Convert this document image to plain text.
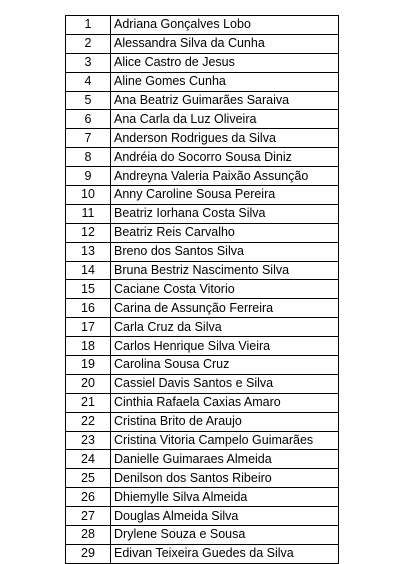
1	Adriana Gonçalves Lobo
2	Alessandra Silva da Cunha
3	Alice Castro de Jesus
4	Aline Gomes Cunha
5	Ana Beatriz Guimarães Saraiva
6	Ana Carla da Luz Oliveira
7	Anderson Rodrigues da Silva
8	Andréia do Socorro Sousa Diniz
9	Andreyna Valeria Paixão Assunção
10	Anny Caroline Sousa Pereira
11	Beatriz Iorhana Costa Silva
12	Beatriz Reis Carvalho
13	Breno dos Santos Silva
14	Bruna Bestriz Nascimento Silva
15	Caciane Costa Vitorio
16	Carina de Assunção Ferreira
17	Carla Cruz da Silva
18	Carlos Henrique Silva Vieira
19	Carolina Sousa Cruz
20	Cassiel Davis Santos e Silva
21	Cinthia Rafaela Caxias Amaro
22	Cristina Brito de Araujo
23	Cristina Vitoria Campelo Guimarães
24	Danielle Guimaraes Almeida
25	Denilson dos Santos Ribeiro
26	Dhiemylle Silva Almeida
27	Douglas Almeida Silva
28	Drylene Souza e Sousa
29	Edivan Teixeira Guedes da Silva
